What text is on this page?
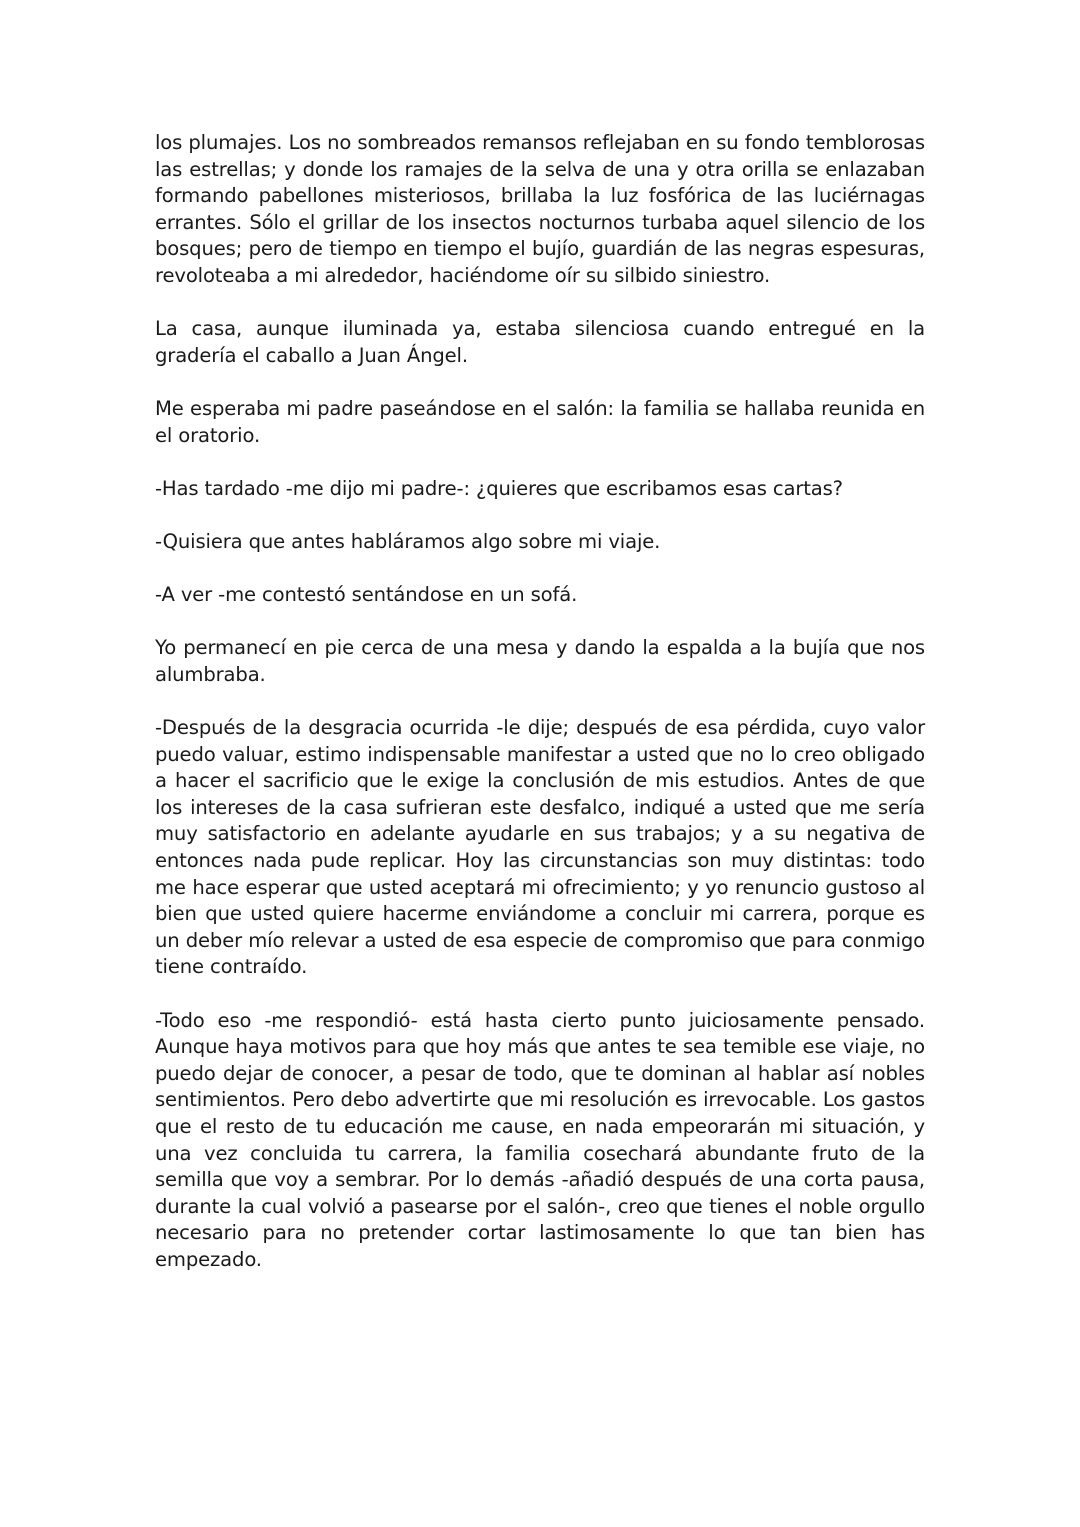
los plumajes. Los no sombreados remansos reflejaban en su fondo temblorosas las estrellas; y donde los ramajes de la selva de una y otra orilla se enlazaban formando pabellones misteriosos, brillaba la luz fosfórica de las luciérnagas errantes. Sólo el grillar de los insectos nocturnos turbaba aquel silencio de los bosques; pero de tiempo en tiempo el bujío, guardián de las negras espesuras, revoloteaba a mi alrededor, haciéndome oír su silbido siniestro.

La casa, aunque iluminada ya, estaba silenciosa cuando entregué en la gradería el caballo a Juan Ángel.

Me esperaba mi padre paseándose en el salón: la familia se hallaba reunida en el oratorio.

-Has tardado -me dijo mi padre-: ¿quieres que escribamos esas cartas?

-Quisiera que antes habláramos algo sobre mi viaje.

-A ver -me contestó sentándose en un sofá.

Yo permanecí en pie cerca de una mesa y dando la espalda a la bujía que nos alumbraba.

-Después de la desgracia ocurrida -le dije; después de esa pérdida, cuyo valor puedo valuar, estimo indispensable manifestar a usted que no lo creo obligado a hacer el sacrificio que le exige la conclusión de mis estudios. Antes de que los intereses de la casa sufrieran este desfalco, indiqué a usted que me sería muy satisfactorio en adelante ayudarle en sus trabajos; y a su negativa de entonces nada pude replicar. Hoy las circunstancias son muy distintas: todo me hace esperar que usted aceptará mi ofrecimiento; y yo renuncio gustoso al bien que usted quiere hacerme enviándome a concluir mi carrera, porque es un deber mío relevar a usted de esa especie de compromiso que para conmigo tiene contraído.

-Todo eso -me respondió- está hasta cierto punto juiciosamente pensado. Aunque haya motivos para que hoy más que antes te sea temible ese viaje, no puedo dejar de conocer, a pesar de todo, que te dominan al hablar así nobles sentimientos. Pero debo advertirte que mi resolución es irrevocable. Los gastos que el resto de tu educación me cause, en nada empeorarán mi situación, y una vez concluida tu carrera, la familia cosechará abundante fruto de la semilla que voy a sembrar. Por lo demás -añadió después de una corta pausa, durante la cual volvió a pasearse por el salón-, creo que tienes el noble orgullo necesario para no pretender cortar lastimosamente lo que tan bien has empezado.
